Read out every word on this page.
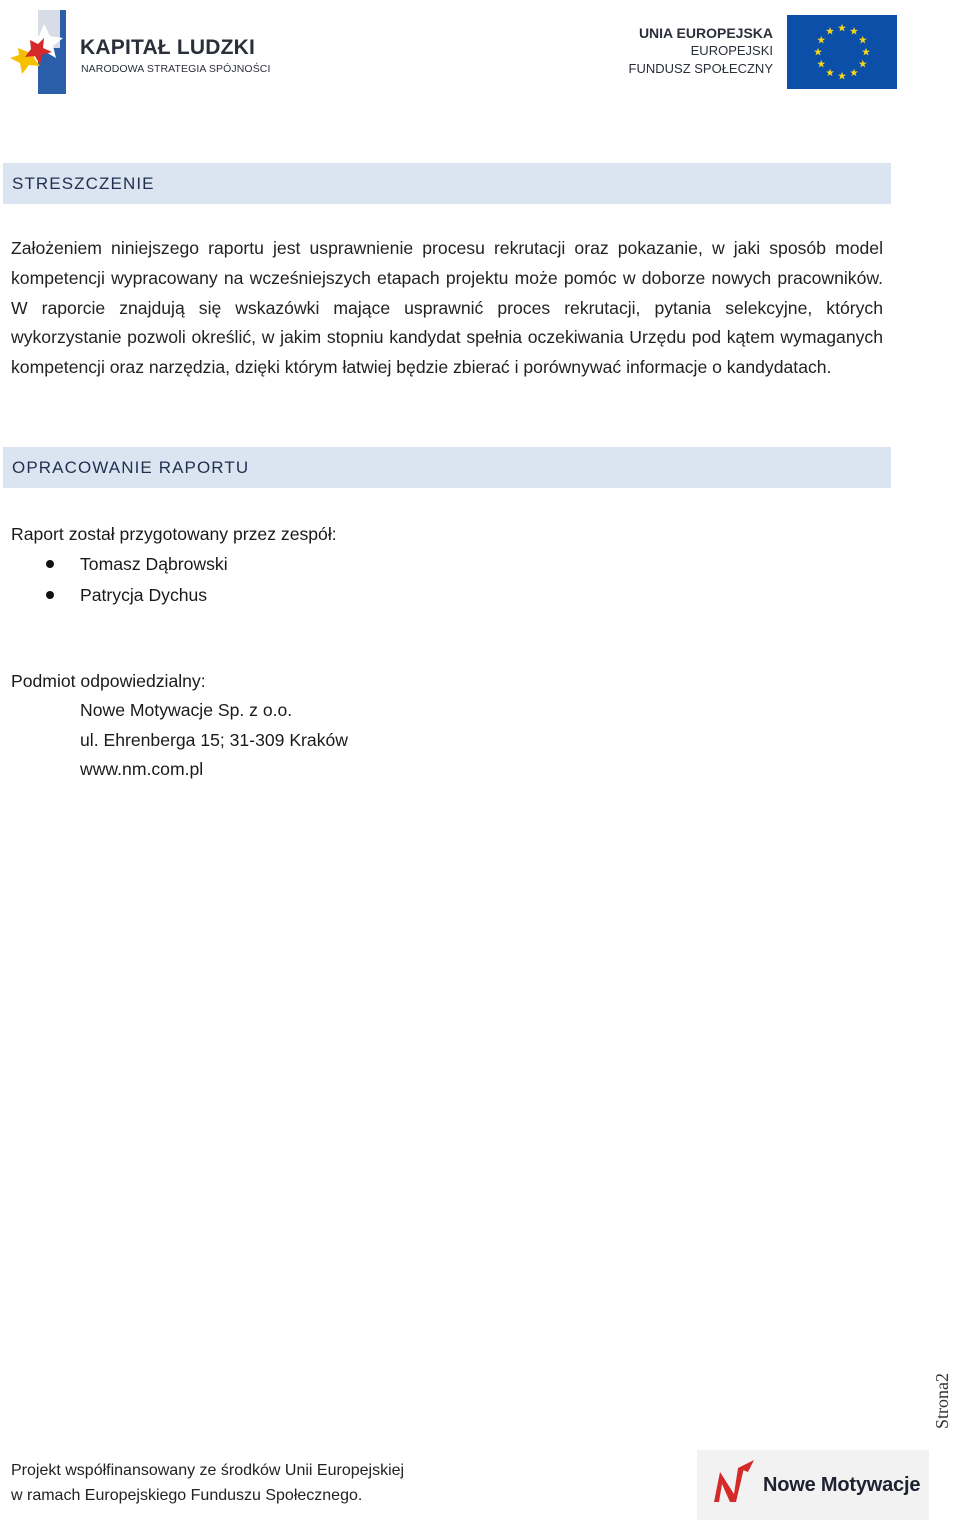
KAPITAŁ LUDZKI
NARODOWA STRATEGIA SPÓJNOŚCI
UNIA EUROPEJSKA
EUROPEJSKI
FUNDUSZ SPOŁECZNY
STRESZCZENIE
Założeniem niniejszego raportu jest usprawnienie procesu rekrutacji oraz pokazanie, w jaki sposób model kompetencji wypracowany na wcześniejszych etapach projektu może pomóc w doborze nowych pracowników. W raporcie znajdują się wskazówki mające usprawnić proces rekrutacji, pytania selekcyjne, których wykorzystanie pozwoli określić, w jakim stopniu kandydat spełnia oczekiwania Urzędu pod kątem wymaganych kompetencji oraz narzędzia, dzięki którym łatwiej będzie zbierać i porównywać informacje o kandydatach.
OPRACOWANIE RAPORTU
Raport został przygotowany przez zespół:
Tomasz Dąbrowski
Patrycja Dychus
Podmiot odpowiedzialny:
Nowe Motywacje Sp. z o.o.
ul. Ehrenberga 15; 31-309 Kraków
www.nm.com.pl
Strona2
Projekt współfinansowany ze środków Unii Europejskiej
w ramach Europejskiego Funduszu Społecznego.	Nowe Motywacje
